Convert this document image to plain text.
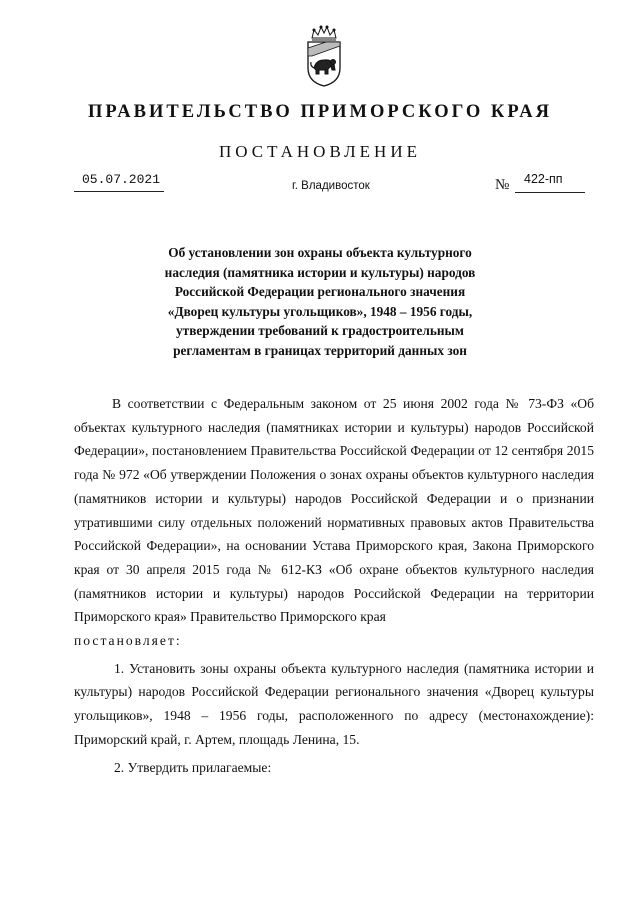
ПРАВИТЕЛЬСТВО ПРИМОРСКОГО КРАЯ
ПОСТАНОВЛЕНИЕ
05.07.2021	г. Владивосток	№ 422-пп
Об установлении зон охраны объекта культурного
наследия (памятника истории и культуры) народов
Российской Федерации регионального значения
«Дворец культуры угольщиков», 1948 – 1956 годы,
утверждении требований к градостроительным
регламентам в границах территорий данных зон

В соответствии с Федеральным законом от 25 июня 2002 года № 73-ФЗ «Об объектах культурного наследия (памятниках истории и культуры) народов Российской Федерации», постановлением Правительства Российской Федерации от 12 сентября 2015 года № 972 «Об утверждении Положения о зонах охраны объектов культурного наследия (памятников истории и культуры) народов Российской Федерации и о признании утратившими силу отдельных положений нормативных правовых актов Правительства Российской Федерации», на основании Устава Приморского края, Закона Приморского края от 30 апреля 2015 года № 612-КЗ «Об охране объектов культурного наследия (памятников истории и культуры) народов Российской Федерации на территории Приморского края» Правительство Приморского края

постановляет:

1. Установить зоны охраны объекта культурного наследия (памятника истории и культуры) народов Российской Федерации регионального значения «Дворец культуры угольщиков», 1948 – 1956 годы, расположенного по адресу (местонахождение): Приморский край, г. Артем, площадь Ленина, 15.

2. Утвердить прилагаемые:
